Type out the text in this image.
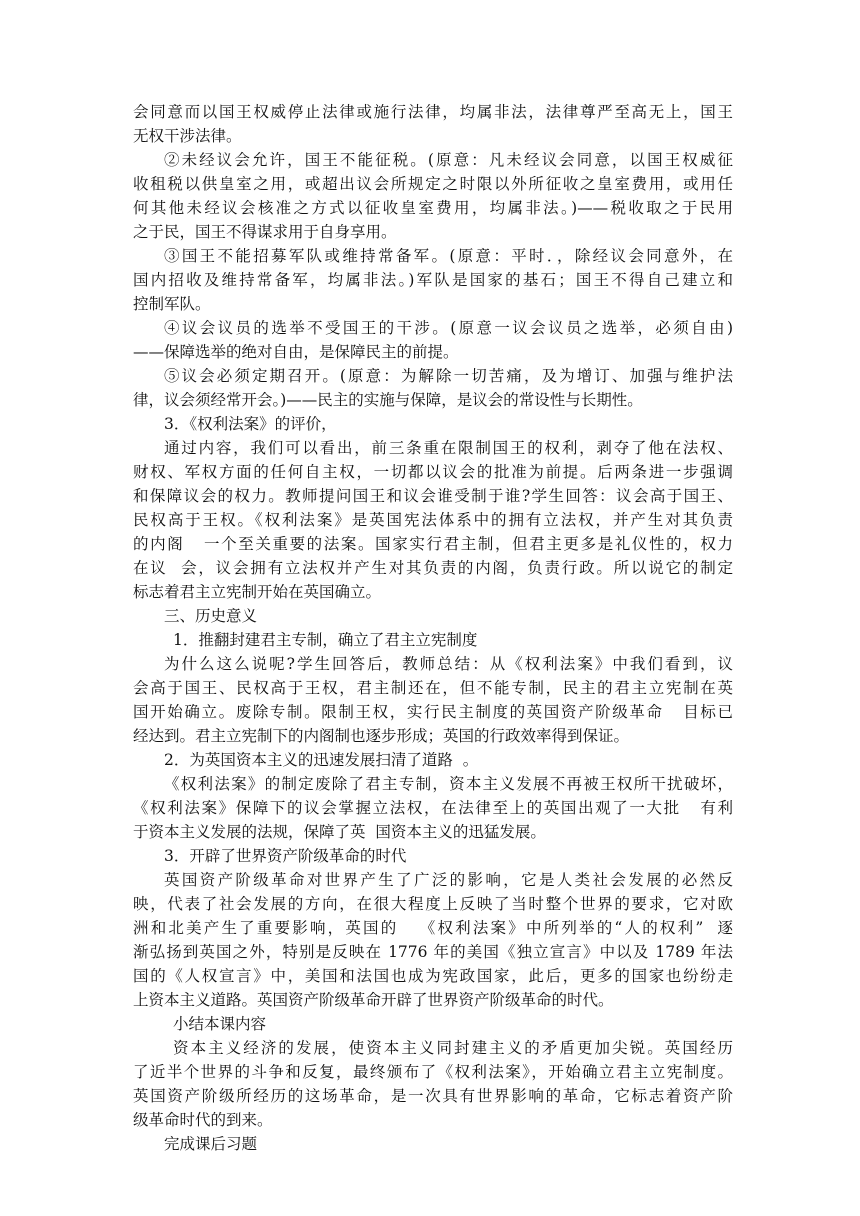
会同意而以国王权威停止法律或施行法律，均属非法，法律尊严至高无上，国王
无权干涉法律。
②未经议会允许，国王不能征税。(原意：凡未经议会同意，以国王权威征
收租税以供皇室之用，或超出议会所规定之时限以外所征收之皇室费用，或用任
何其他未经议会核准之方式以征收皇室费用，均属非法。)——税收取之于民用
之于民，国王不得谋求用于自身享用。
③国王不能招募军队或维持常备军。(原意：平时．，除经议会同意外，在
国内招收及维持常备军，均属非法。)军队是国家的基石；国王不得自己建立和
控制军队。
④议会议员的选举不受国王的干涉。(原意一议会议员之选举，必须自由)
——保障选举的绝对自由，是保障民主的前提。
⑤议会必须定期召开。(原意：为解除一切苦痛，及为增订、加强与维护法
律，议会须经常开会。)——民主的实施与保障，是议会的常设性与长期性。
3．《权利法案》的评价，
通过内容，我们可以看出，前三条重在限制国王的权利，剥夺了他在法权、
财权、军权方面的任何自主权，一切都以议会的批准为前提。后两条进一步强调
和保障议会的权力。教师提问国王和议会谁受制于谁?学生回答：议会高于国王、
民权高于王权。《权利法案》是英国宪法体系中的拥有立法权，并产生对其负责
的内阁   一个至关重要的法案。国家实行君主制，但君主更多是礼仪性的，权力
在议  会，议会拥有立法权并产生对其负责的内阁，负责行政。所以说它的制定
标志着君主立宪制开始在英国确立。
三、历史意义
1．推翻封建君主专制，确立了君主立宪制度
为什么这么说呢?学生回答后，教师总结：从《权利法案》中我们看到，议
会高于国王、民权高于王权，君主制还在，但不能专制，民主的君主立宪制在英
国开始确立。废除专制。限制王权，实行民主制度的英国资产阶级革命   目标已
经达到。君主立宪制下的内阁制也逐步形成；英国的行政效率得到保证。
2．为英国资本主义的迅速发展扫清了道路  。
《权利法案》的制定废除了君主专制，资本主义发展不再被王权所干扰破坏，
《权利法案》保障下的议会掌握立法权，在法律至上的英国出观了一大批   有利
于资本主义发展的法规，保障了英  国资本主义的迅猛发展。
3．开辟了世界资产阶级革命的时代
英国资产阶级革命对世界产生了广泛的影响，它是人类社会发展的必然反
映，代表了社会发展的方向，在很大程度上反映了当时整个世界的要求，它对欧
洲和北美产生了重要影响，英国的   《权利法案》中所列举的“人的权利”  逐
渐弘扬到英国之外，特别是反映在 1776 年的美国《独立宣言》中以及 1789 年法
国的《人权宣言》中，美国和法国也成为宪政国家，此后，更多的国家也纷纷走
上资本主义道路。英国资产阶级革命开辟了世界资产阶级革命的时代。
小结本课内容
资本主义经济的发展，使资本主义同封建主义的矛盾更加尖锐。英国经历
了近半个世界的斗争和反复，最终颁布了《权利法案》，开始确立君主立宪制度。
英国资产阶级所经历的这场革命，是一次具有世界影响的革命，它标志着资产阶
级革命时代的到来。
完成课后习题
